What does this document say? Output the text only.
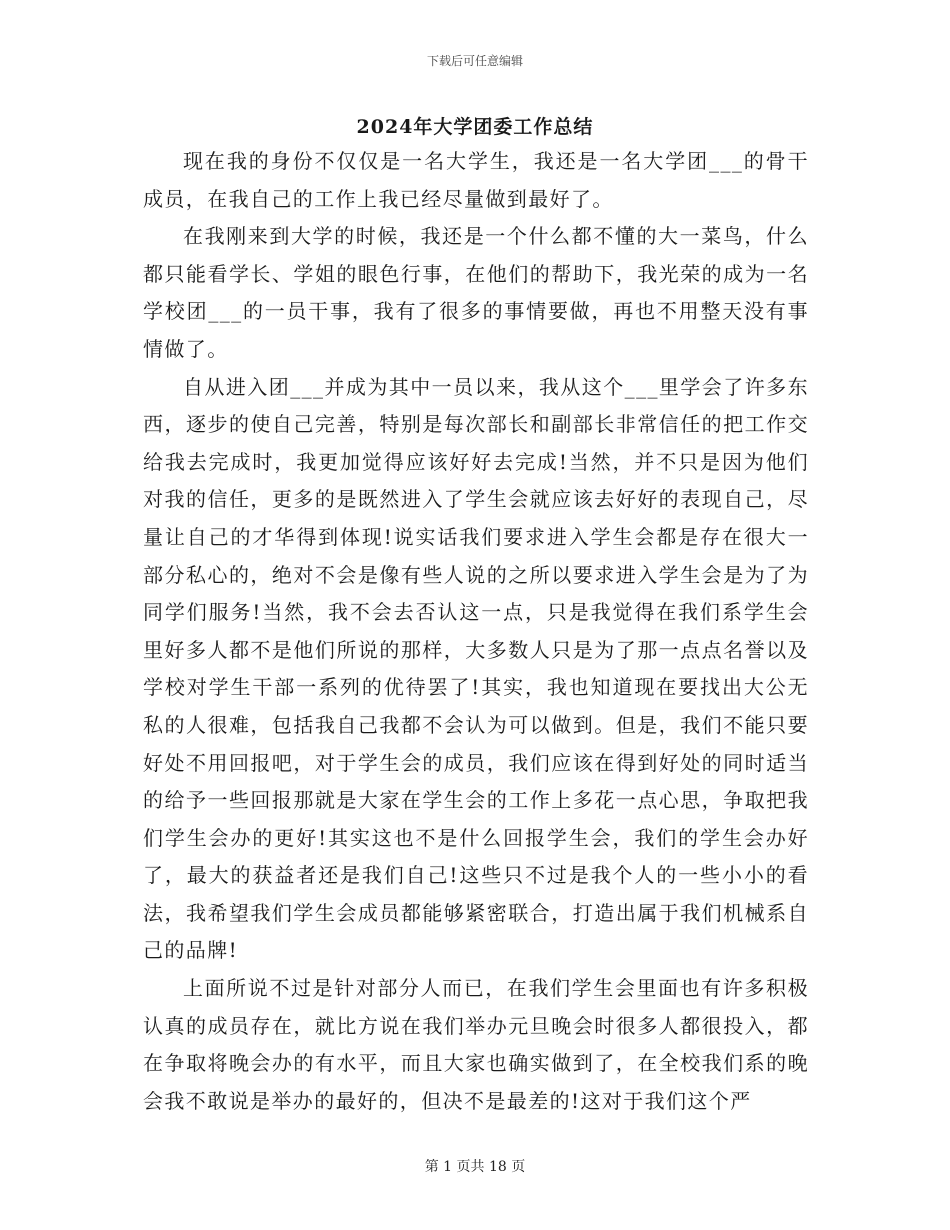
下载后可任意编辑
2024年大学团委工作总结

现在我的身份不仅仅是一名大学生，我还是一名大学团___的骨干成员，在我自己的工作上我已经尽量做到最好了。

在我刚来到大学的时候，我还是一个什么都不懂的大一菜鸟，什么都只能看学长、学姐的眼色行事，在他们的帮助下，我光荣的成为一名学校团___的一员干事，我有了很多的事情要做，再也不用整天没有事情做了。

自从进入团___并成为其中一员以来，我从这个___里学会了许多东西，逐步的使自己完善，特别是每次部长和副部长非常信任的把工作交给我去完成时，我更加觉得应该好好去完成!当然，并不只是因为他们对我的信任，更多的是既然进入了学生会就应该去好好的表现自己，尽量让自己的才华得到体现!说实话我们要求进入学生会都是存在很大一部分私心的，绝对不会是像有些人说的之所以要求进入学生会是为了为同学们服务!当然，我不会去否认这一点，只是我觉得在我们系学生会里好多人都不是他们所说的那样，大多数人只是为了那一点点名誉以及学校对学生干部一系列的优待罢了!其实，我也知道现在要找出大公无私的人很难，包括我自己我都不会认为可以做到。但是，我们不能只要好处不用回报吧，对于学生会的成员，我们应该在得到好处的同时适当的给予一些回报那就是大家在学生会的工作上多花一点心思，争取把我们学生会办的更好!其实这也不是什么回报学生会，我们的学生会办好了，最大的获益者还是我们自己!这些只不过是我个人的一些小小的看法，我希望我们学生会成员都能够紧密联合，打造出属于我们机械系自己的品牌!

上面所说不过是针对部分人而已，在我们学生会里面也有许多积极认真的成员存在，就比方说在我们举办元旦晚会时很多人都很投入，都在争取将晚会办的有水平，而且大家也确实做到了，在全校我们系的晚会我不敢说是举办的最好的，但决不是最差的!这对于我们这个严

第 1 页共 18 页
